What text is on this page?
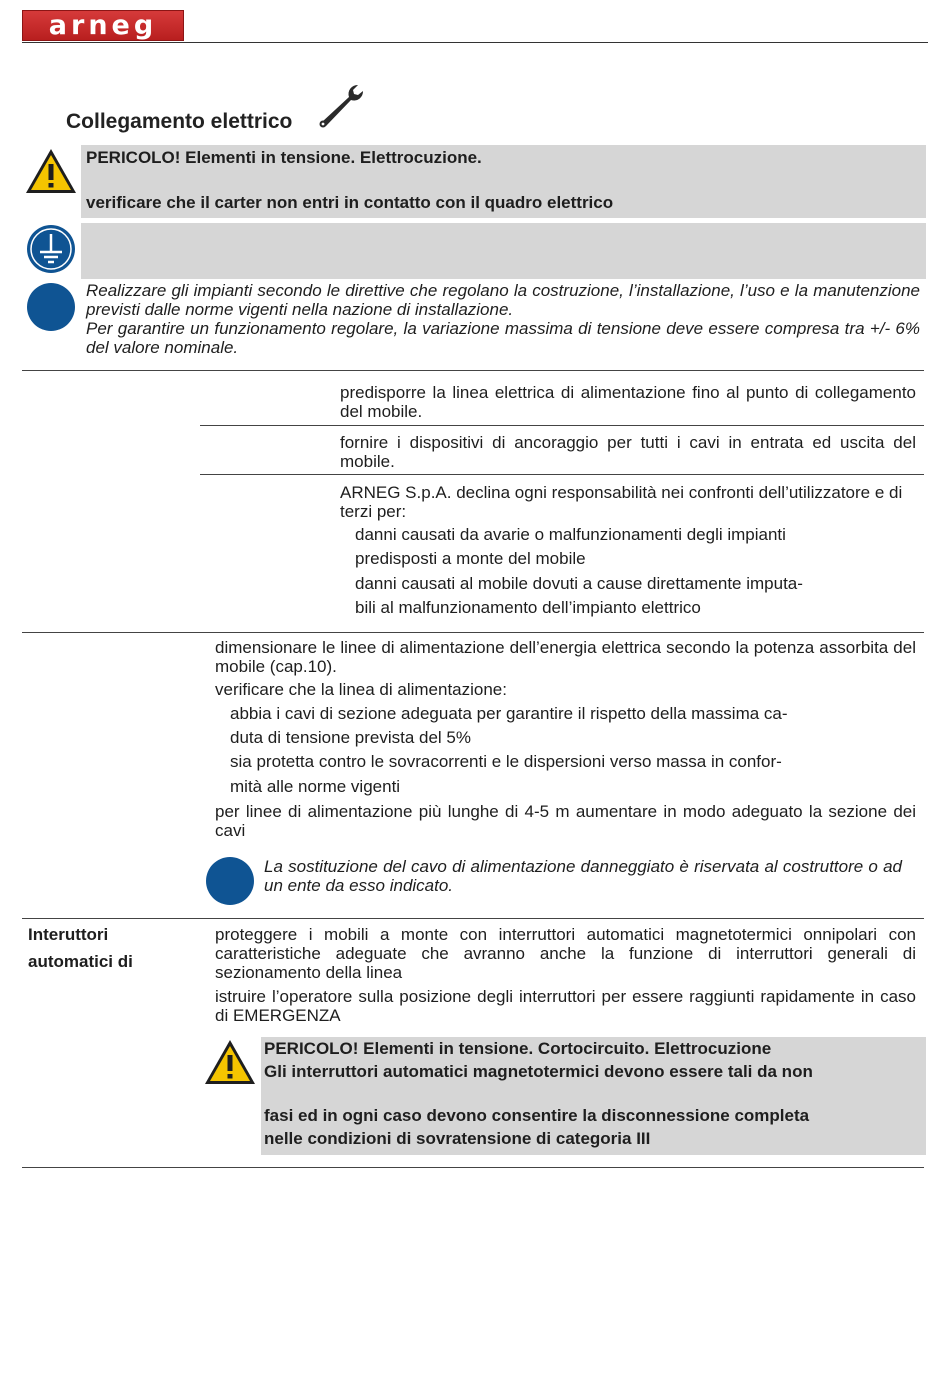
arneg
Collegamento elettrico
PERICOLO! Elementi in tensione. Elettrocuzione.
verificare che il carter non entri in contatto con il quadro elettrico
Realizzare gli impianti secondo le direttive che regolano la costruzione, l’installazione, l’uso e la manutenzione previsti dalle norme vigenti nella nazione di installazione.
Per garantire un funzionamento regolare, la variazione massima di tensione deve essere compresa tra +/- 6% del valore nominale.
predisporre la linea elettrica di alimentazione fino al punto di collegamento del mobile.
fornire i dispositivi di ancoraggio per tutti i cavi in entrata ed uscita del mobile.
ARNEG S.p.A. declina ogni responsabilità nei confronti dell’utilizzatore e di terzi per:
danni causati da avarie o malfunzionamenti degli impianti
predisposti a monte del mobile
danni causati al mobile dovuti a cause direttamente imputa-
bili al malfunzionamento dell’impianto elettrico
dimensionare le linee di alimentazione dell’energia elettrica secondo la potenza assorbita del mobile (cap.10).
verificare che la linea di alimentazione:
abbia i cavi di sezione adeguata per garantire il rispetto della massima ca-
duta di tensione prevista del 5%
sia protetta contro le sovracorrenti e le dispersioni verso massa in confor-
mità alle norme vigenti
per linee di alimentazione più lunghe di 4-5 m aumentare in modo adeguato la sezione dei cavi
La sostituzione del cavo di alimentazione danneggiato è riservata al costruttore o ad un ente da esso indicato.
Interuttori
automatici di
proteggere i mobili a monte con interruttori automatici magnetotermici onnipolari con caratteristiche adeguate che avranno anche la funzione di interruttori generali di sezionamento della linea
istruire l’operatore sulla posizione degli interruttori per essere raggiunti rapidamente in caso di EMERGENZA
PERICOLO! Elementi in tensione. Cortocircuito. Elettrocuzione
Gli interruttori automatici magnetotermici devono essere tali da non
fasi ed in ogni caso devono consentire la disconnessione completa
nelle condizioni di sovratensione di categoria III
